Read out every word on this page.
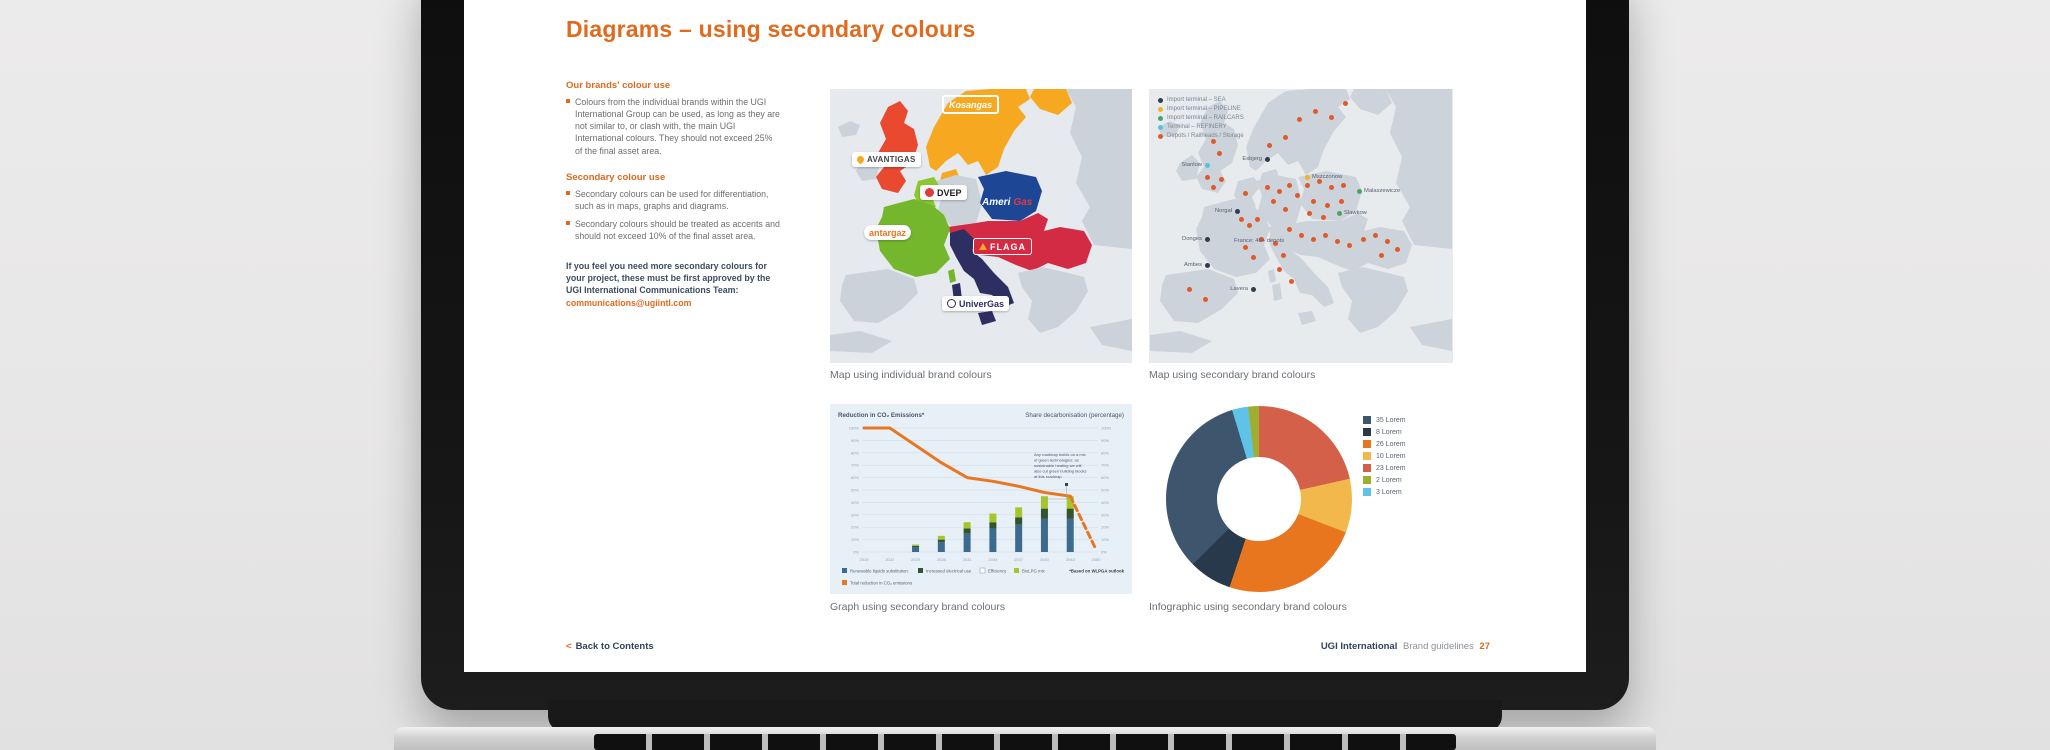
Diagrams – using secondary colours
Our brands' colour use
Colours from the individual brands within the UGI International Group can be used, as long as they are not similar to, or clash with, the main UGI International colours. They should not exceed 25% of the final asset area.
Secondary colour use
Secondary colours can be used for differentiation, such as in maps, graphs and diagrams.
Secondary colours should be treated as accents and should not exceed 10% of the final asset area.
If you feel you need more secondary colours for your project, these must be first approved by the UGI International Communications Team:
communications@ugiintl.com
AVANTIGAS
Kosangas
DVEP
Ameri Gas
antargaz
FLAGA
UniverGas
Map using individual brand colours
Import terminal – SEA
Import terminal – PIPELINE
Import terminal – RAILCARS
Terminal – REFINERY
Depots / Railheads / Storage
Mszczonow
Esbjerg
Stanlow
Norgal
Donges	France: 40+ depots
Ambes
Lavera
Malaszewicze
Slawkow
Map using secondary brand colours
0%	0%
10%	10%
20%	20%
30%	30%
40%	40%
50%	50%
60%	60%
70%	70%
80%	80%
90%	90%
100%	100%
2019	2022	2025	2028	2031	2034	2037	2040	2043	2050
Reduction in CO₂ Emissions*	Share decarbonisation (percentage)
Any roadmap builds on a mix
of green technologies; as
sustainable heating we will
also cut green building blocks
at this roadmap
Renewable liquids substitution	Increased electrical use	Efficiency	BioLPG mix	*Based on WLPGA outlook
Total reduction in CO₂ emissions
Graph using secondary brand colours
35 Lorem
8 Lorem
26 Lorem
10 Lorem
23 Lorem
2 Lorem
3 Lorem
Infographic using secondary brand colours
< Back to Contents	UGI International Brand guidelines 27
